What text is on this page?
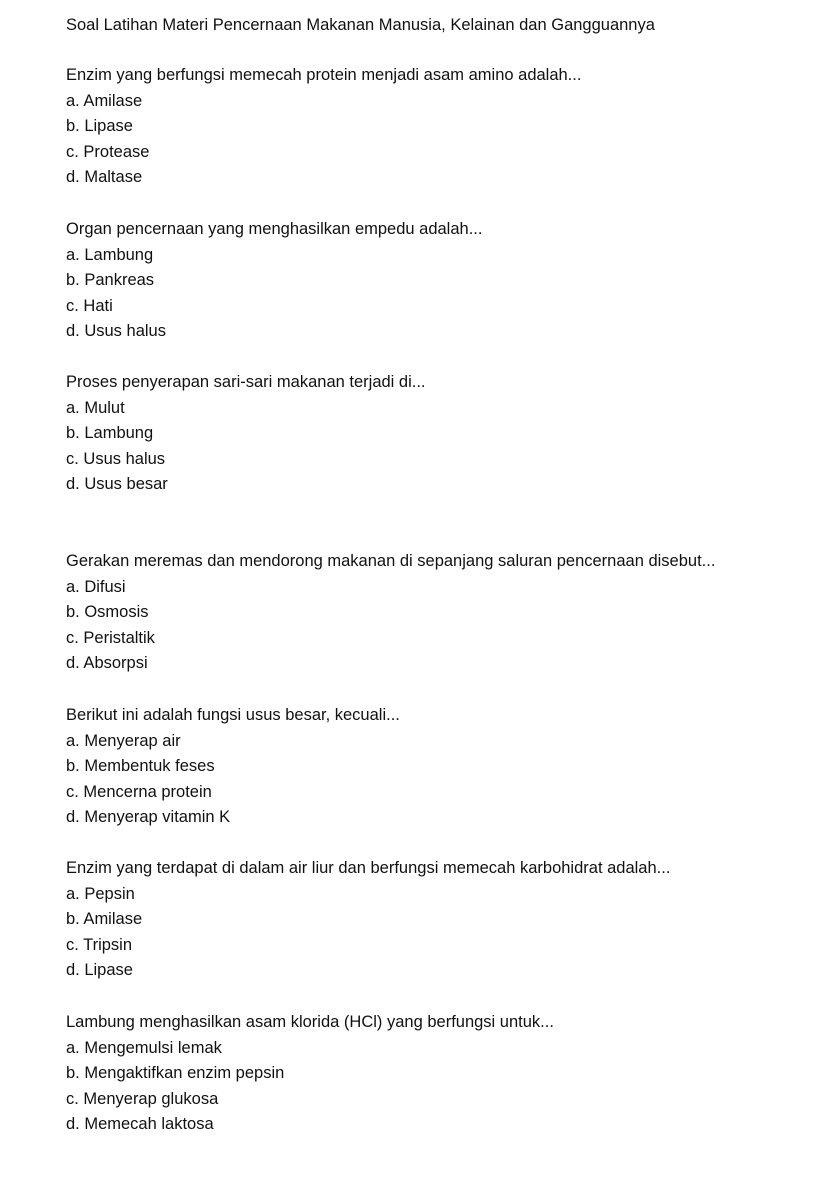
Soal Latihan Materi Pencernaan Makanan Manusia, Kelainan dan Gangguannya
Enzim yang berfungsi memecah protein menjadi asam amino adalah...
a. Amilase
b. Lipase
c. Protease
d. Maltase
Organ pencernaan yang menghasilkan empedu adalah...
a. Lambung
b. Pankreas
c. Hati
d. Usus halus
Proses penyerapan sari-sari makanan terjadi di...
a. Mulut
b. Lambung
c. Usus halus
d. Usus besar
Gerakan meremas dan mendorong makanan di sepanjang saluran pencernaan disebut...
a. Difusi
b. Osmosis
c. Peristaltik
d. Absorpsi
Berikut ini adalah fungsi usus besar, kecuali...
a. Menyerap air
b. Membentuk feses
c. Mencerna protein
d. Menyerap vitamin K
Enzim yang terdapat di dalam air liur dan berfungsi memecah karbohidrat adalah...
a. Pepsin
b. Amilase
c. Tripsin
d. Lipase
Lambung menghasilkan asam klorida (HCl) yang berfungsi untuk...
a. Mengemulsi lemak
b. Mengaktifkan enzim pepsin
c. Menyerap glukosa
d. Memecah laktosa
